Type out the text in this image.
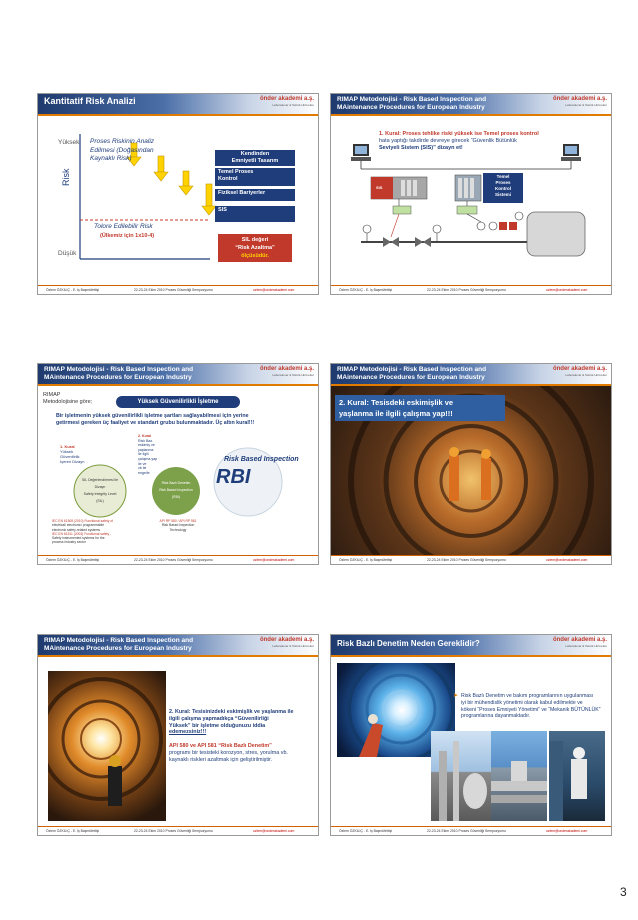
Kantitatif Risk Analizi	önder akademi a.ş.
Laboratuvar & Teknik Hizmetler
Yüksek
Düşük
Risk
Proses Riskinin Analiz
Edilmesi (Doğasından
Kaynaklı Risk)
Kendinden
Emniyetli Tasarım
Temel Proses
Kontrol
Fiziksel Bariyerler
SIS
Tolore Edilebilir Risk
(Ülkemiz için 1x10-4)
SIL değeri
“Risk Azaltma”
ölçüsüdür.
Özlem ÖZKILIÇ - E. İş Başmüfettişi	22-23-24 Ekim 2010 Proses Güvenliği Sempozyumu	ozlem@onderakademi.com
RIMAP Metodolojisi - Risk Based Inspection and
MAintenance Procedures for European Industry
önder akademi a.ş.
Laboratuvar & Teknik Hizmetler
1. Kural: Proses tehlike riski yüksek ise Temel proses kontrol
hata yaptığı takdirde devreye girecek “Güvenlik Bütünlük
Seviyeli Sistem (SIS)” dizayn et!
SIS
Temel
Proses
Kontrol
Sistemi
Özlem ÖZKILIÇ - E. İş Başmüfettişi	22-23-24 Ekim 2010 Proses Güvenliği Sempozyumu	ozlem@onderakademi.com
RIMAP Metodolojisi - Risk Based Inspection and
MAintenance Procedures for European Industry
önder akademi a.ş.
Laboratuvar & Teknik Hizmetler
RIMAP
Metodolojisine göre;	Yüksek Güvenilirlikli İşletme
Bir işletmenin yüksek güvenilirlikli işletme şartları sağlayabilmesi için yerine
getirmesi gereken üç faaliyet ve standart grubu bulunmaktadır. Üç altın kural!!!
1. Kural
Yüksek
Güvenilirlik
İçeren Dizayn
2. Kural
Risk Baz.
eskimiş ve
yaşlanma
ile ilgili
çalışma yap
ile ve
vb ile
engelle
SIL Değerlendirmesi ile
Dizayn
Safety Integrity Level
(SIL)
Risk Bazlı Denetim
Risk Based Inspection
(RBI)
Risk Based Inspection
RBI
IEC EN 61508 (2010) Functional safety of
electrical/ electronic/ programmable
electronic safety-related systems
IEC EN 61511 (2003) Functional safety -
Safety instrumented systems for the
process industry sector
API RP 580 / API RP 581
Risk Based Inspection
Technology
Özlem ÖZKILIÇ - E. İş Başmüfettişi	22-23-24 Ekim 2010 Proses Güvenliği Sempozyumu	ozlem@onderakademi.com
RIMAP Metodolojisi - Risk Based Inspection and
MAintenance Procedures for European Industry
önder akademi a.ş.
Laboratuvar & Teknik Hizmetler
2. Kural: Tesisdeki eskimişlik ve
yaşlanma ile ilgili çalışma yap!!!
Özlem ÖZKILIÇ - E. İş Başmüfettişi	22-23-24 Ekim 2010 Proses Güvenliği Sempozyumu	ozlem@onderakademi.com
RIMAP Metodolojisi - Risk Based Inspection and
MAintenance Procedures for European Industry
önder akademi a.ş.
Laboratuvar & Teknik Hizmetler
2. Kural: Tesisinizdeki eskimişlik ve yaşlanma ile
ilgili çalışma yapmadıkça “Güvenilirliği
Yüksek” bir işletme olduğunuzu iddia
edemezsiniz!!!
API 580 ve API 581 “Risk Bazlı Denetim”
programı bir tesisteki korozyon, stres, yorulma vb.
kaynaklı riskleri azaltmak için geliştirilmiştir.
Özlem ÖZKILIÇ - E. İş Başmüfettişi	22-23-24 Ekim 2010 Proses Güvenliği Sempozyumu	ozlem@onderakademi.com
Risk Bazlı Denetim Neden Gereklidir?	önder akademi a.ş.
Laboratuvar & Teknik Hizmetler
➤ Risk Bazlı Denetim ve bakım programlarının uygulanması
iyi bir mühendislik yönetimi olarak kabul edilmekte ve
kökeni “Proses Emniyeti Yönetimi” ve “Mekanik BÜTÜNLÜK”
programlarına dayanmaktadır.
Özlem ÖZKILIÇ - E. İş Başmüfettişi	22-23-24 Ekim 2010 Proses Güvenliği Sempozyumu	ozlem@onderakademi.com
3
